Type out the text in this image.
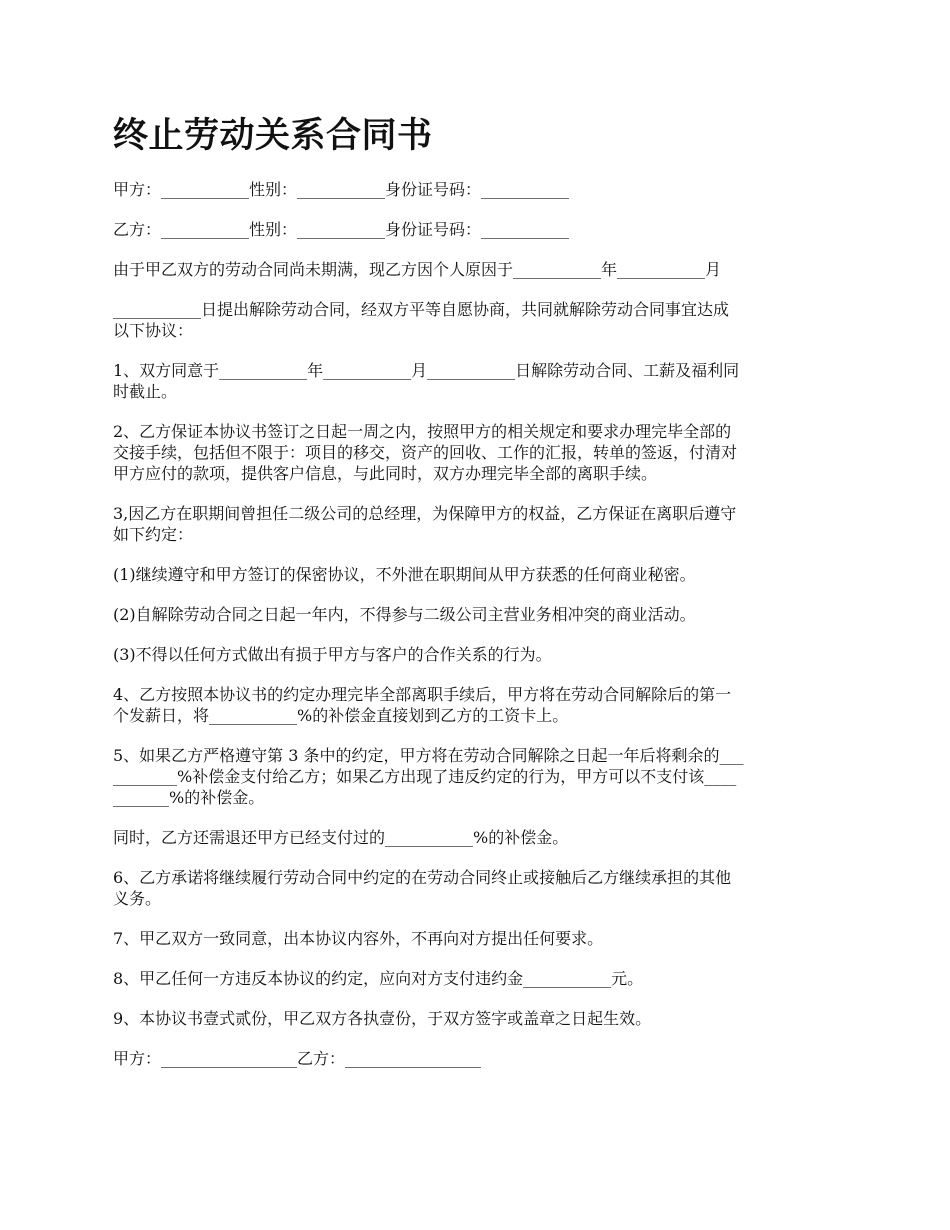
终止劳动关系合同书

甲方：___________性别：___________身份证号码：___________

乙方：___________性别：___________身份证号码：___________

由于甲乙双方的劳动合同尚未期满，现乙方因个人原因于___________年___________月

___________日提出解除劳动合同，经双方平等自愿协商，共同就解除劳动合同事宜达成
以下协议：

1、双方同意于___________年___________月___________日解除劳动合同、工薪及福利同
时截止。

2、乙方保证本协议书签订之日起一周之内，按照甲方的相关规定和要求办理完毕全部的
交接手续，包括但不限于：项目的移交，资产的回收、工作的汇报，转单的签返，付清对
甲方应付的款项，提供客户信息，与此同时，双方办理完毕全部的离职手续。

3,因乙方在职期间曾担任二级公司的总经理，为保障甲方的权益，乙方保证在离职后遵守
如下约定：

(1)继续遵守和甲方签订的保密协议，不外泄在职期间从甲方获悉的任何商业秘密。

(2)自解除劳动合同之日起一年内，不得参与二级公司主营业务相冲突的商业活动。

(3)不得以任何方式做出有损于甲方与客户的合作关系的行为。

4、乙方按照本协议书的约定办理完毕全部离职手续后，甲方将在劳动合同解除后的第一
个发薪日，将___________%的补偿金直接划到乙方的工资卡上。

5、如果乙方严格遵守第 3 条中的约定，甲方将在劳动合同解除之日起一年后将剩余的___
________%补偿金支付给乙方；如果乙方出现了违反约定的行为，甲方可以不支付该____
_______%的补偿金。

同时，乙方还需退还甲方已经支付过的___________%的补偿金。

6、乙方承诺将继续履行劳动合同中约定的在劳动合同终止或接触后乙方继续承担的其他
义务。

7、甲乙双方一致同意，出本协议内容外，不再向对方提出任何要求。

8、甲乙任何一方违反本协议的约定，应向对方支付违约金___________元。

9、本协议书壹式贰份，甲乙双方各执壹份，于双方签字或盖章之日起生效。

甲方：_________________乙方：_________________
